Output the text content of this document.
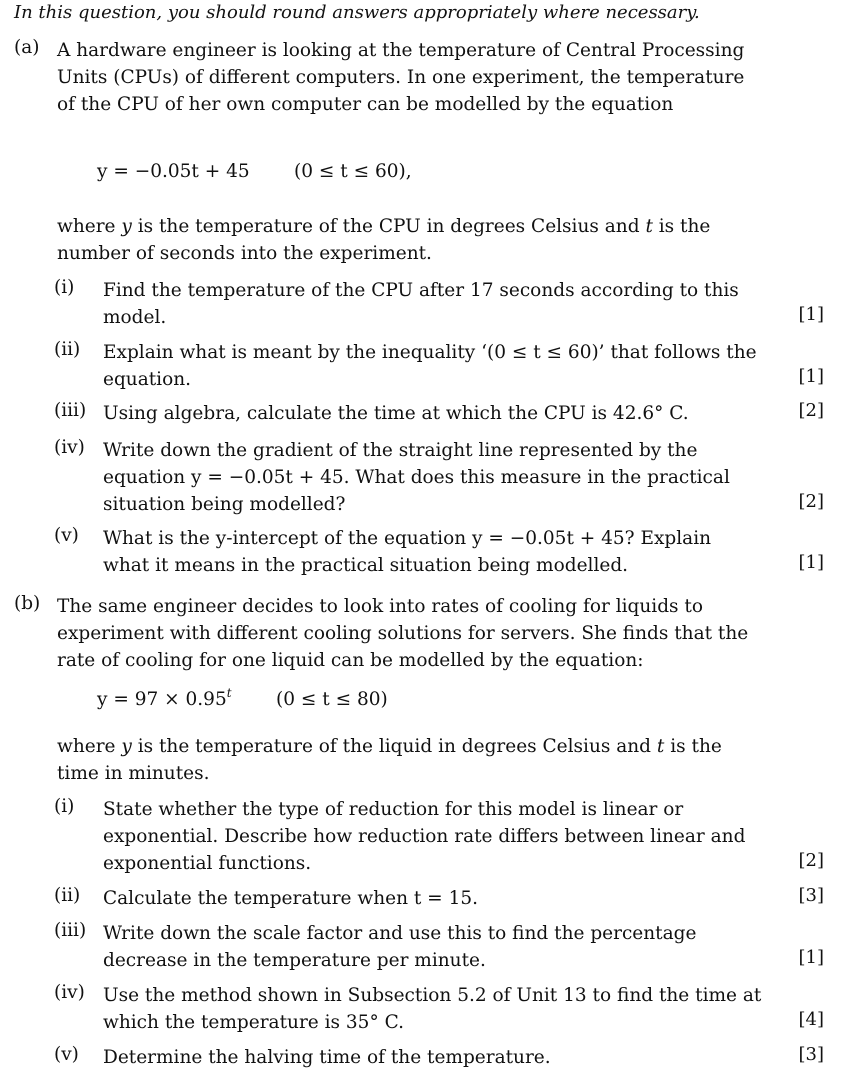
In this question, you should round answers appropriately where necessary.
(a) A hardware engineer is looking at the temperature of Central Processing Units (CPUs) of different computers. In one experiment, the temperature of the CPU of her own computer can be modelled by the equation
y = −0.05t + 45 (0 ≤ t ≤ 60),
where y is the temperature of the CPU in degrees Celsius and t is the number of seconds into the experiment.
(i) Find the temperature of the CPU after 17 seconds according to this model.	[1]
(ii) Explain what is meant by the inequality ‘(0 ≤ t ≤ 60)’ that follows the equation.	[1]
(iii) Using algebra, calculate the time at which the CPU is 42.6° C.	[2]
(iv) Write down the gradient of the straight line represented by the equation y = −0.05t + 45. What does this measure in the practical situation being modelled?	[2]
(v) What is the y-intercept of the equation y = −0.05t + 45? Explain what it means in the practical situation being modelled.	[1]
(b) The same engineer decides to look into rates of cooling for liquids to experiment with different cooling solutions for servers. She finds that the rate of cooling for one liquid can be modelled by the equation:
$y = 97 \times 0.95^t$ (0 ≤ t ≤ 80)
where y is the temperature of the liquid in degrees Celsius and t is the time in minutes.
(i) State whether the type of reduction for this model is linear or exponential. Describe how reduction rate differs between linear and exponential functions.	[2]
(ii) Calculate the temperature when t = 15.	[3]
(iii) Write down the scale factor and use this to find the percentage decrease in the temperature per minute.	[1]
(iv) Use the method shown in Subsection 5.2 of Unit 13 to find the time at which the temperature is 35° C.	[4]
(v) Determine the halving time of the temperature.	[3]
